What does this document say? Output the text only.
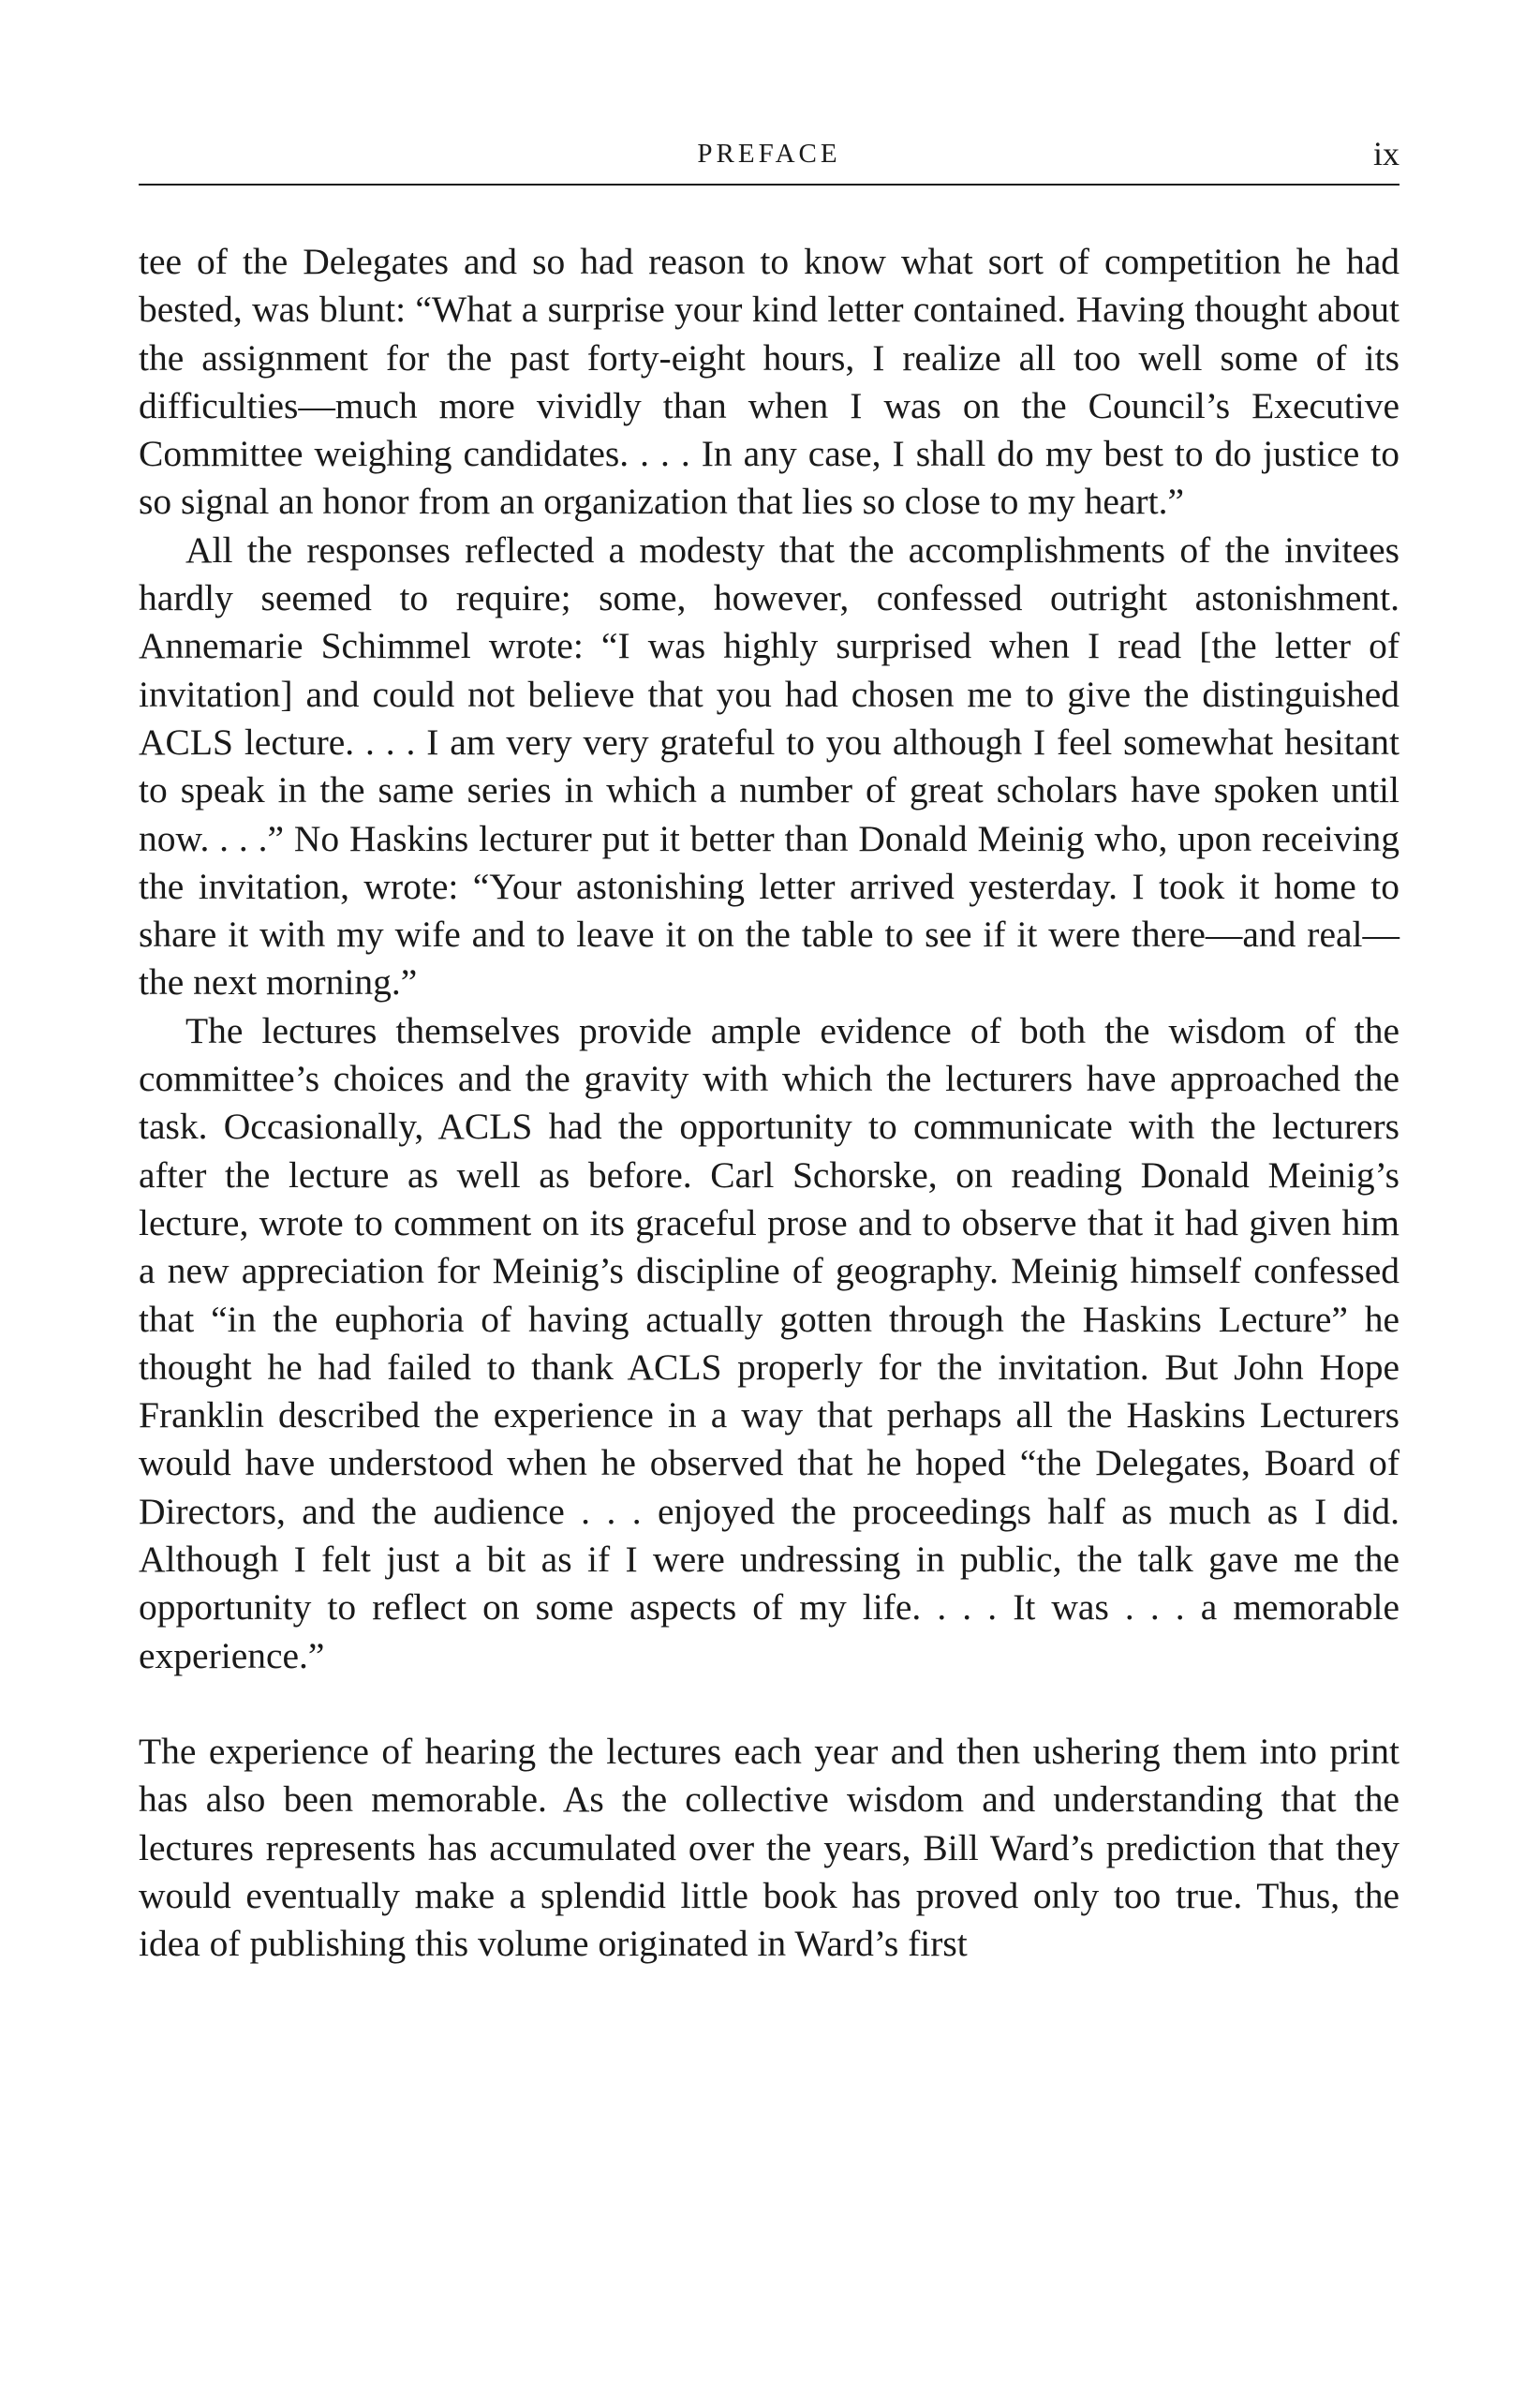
PREFACE	ix

tee of the Delegates and so had reason to know what sort of competition he had bested, was blunt: “What a surprise your kind letter contained. Having thought about the assignment for the past forty-eight hours, I realize all too well some of its difficulties—much more vividly than when I was on the Council’s Executive Committee weighing candidates. . . . In any case, I shall do my best to do justice to so signal an honor from an organization that lies so close to my heart.”

All the responses reflected a modesty that the accomplishments of the invitees hardly seemed to require; some, however, confessed outright astonishment. Annemarie Schimmel wrote: “I was highly surprised when I read [the letter of invitation] and could not believe that you had chosen me to give the distinguished ACLS lecture. . . . I am very very grateful to you although I feel somewhat hesitant to speak in the same series in which a number of great scholars have spoken until now. . . .” No Haskins lecturer put it better than Donald Meinig who, upon receiving the invitation, wrote: “Your astonishing letter arrived yesterday. I took it home to share it with my wife and to leave it on the table to see if it were there—and real—the next morning.”

The lectures themselves provide ample evidence of both the wisdom of the committee’s choices and the gravity with which the lecturers have approached the task. Occasionally, ACLS had the opportunity to communicate with the lecturers after the lecture as well as before. Carl Schorske, on reading Donald Meinig’s lecture, wrote to comment on its graceful prose and to observe that it had given him a new appreciation for Meinig’s discipline of geography. Meinig himself confessed that “in the euphoria of having actually gotten through the Haskins Lecture” he thought he had failed to thank ACLS properly for the invitation. But John Hope Franklin described the experience in a way that perhaps all the Haskins Lecturers would have understood when he observed that he hoped “the Delegates, Board of Directors, and the audience . . . enjoyed the proceedings half as much as I did. Although I felt just a bit as if I were undressing in public, the talk gave me the opportunity to reflect on some aspects of my life. . . . It was . . . a memorable experience.”

The experience of hearing the lectures each year and then ushering them into print has also been memorable. As the collective wisdom and understanding that the lectures represents has accumulated over the years, Bill Ward’s prediction that they would eventually make a splendid little book has proved only too true. Thus, the idea of publishing this volume originated in Ward’s first
